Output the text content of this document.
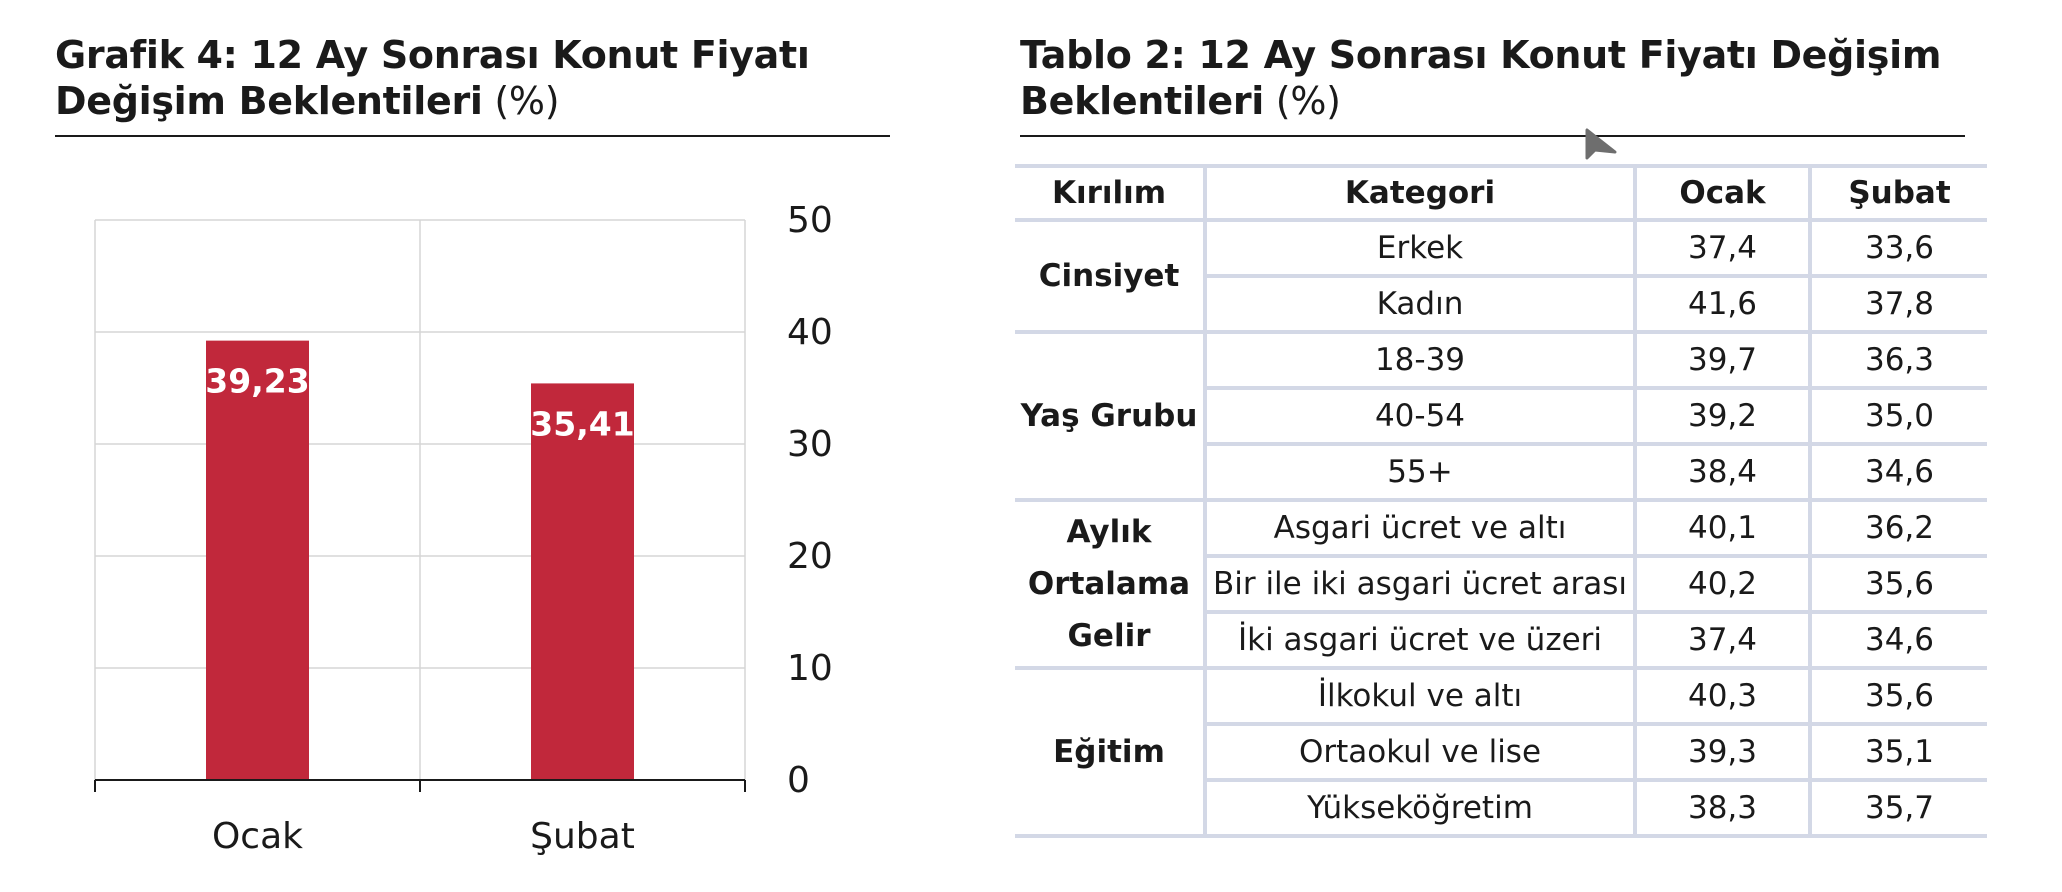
Grafik 4: 12 Ay Sonrası Konut Fiyatı Değişim Beklentileri (%)
39,23
35,41
0
10
20
30
40
50
Ocak	Şubat
Tablo 2: 12 Ay Sonrası Konut Fiyatı Değişim Beklentileri (%)
Kırılım	Kategori	Ocak	Şubat
Cinsiyet	Erkek	37,4	33,6
	Kadın	41,6	37,8
Yaş Grubu	18-39	39,7	36,3
	40-54	39,2	35,0
	55+	38,4	34,6
Aylık Ortalama Gelir	Asgari ücret ve altı	40,1	36,2
	Bir ile iki asgari ücret arası	40,2	35,6
	İki asgari ücret ve üzeri	37,4	34,6
Eğitim	İlkokul ve altı	40,3	35,6
	Ortaokul ve lise	39,3	35,1
	Yükseköğretim	38,3	35,7
